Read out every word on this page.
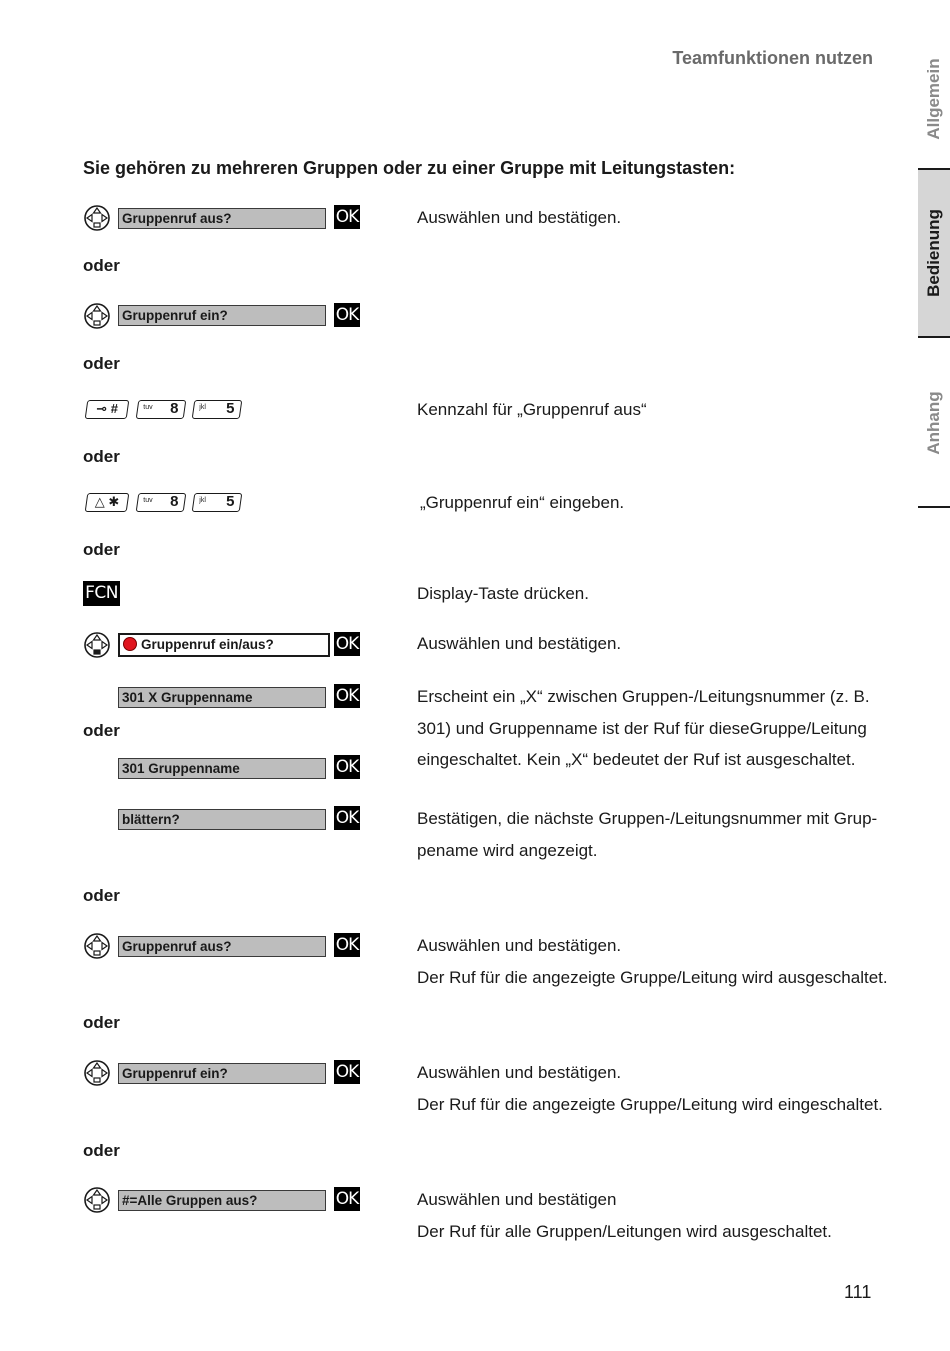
Teamfunktionen nutzen
Allgemein
Bedienung
Anhang
Sie gehören zu mehreren Gruppen oder zu einer Gruppe mit Leitungstasten:
Gruppenruf aus?	OK	Auswählen und bestätigen.
oder
Gruppenruf ein?	OK
oder
⊸ #	tuv 8	jkl 5	Kennzahl für „Gruppenruf aus“
oder
△ ✱	tuv 8	jkl 5	„Gruppenruf ein“ eingeben.
oder
FCN	Display-Taste drücken.
Gruppenruf ein/aus?	OK	Auswählen und bestätigen.
301 X Gruppenname	OK
oder
301 Gruppenname	OK
Erscheint ein „X“ zwischen Gruppen-/Leitungsnummer (z. B.
301) und Gruppenname ist der Ruf für dieseGruppe/Leitung
eingeschaltet. Kein „X“ bedeutet der Ruf ist ausgeschaltet.
blättern?	OK	Bestätigen, die nächste Gruppen-/Leitungsnummer mit Grup-
pename wird angezeigt.
oder
Gruppenruf aus?	OK	Auswählen und bestätigen.
Der Ruf für die angezeigte Gruppe/Leitung wird ausgeschaltet.
oder
Gruppenruf ein?	OK	Auswählen und bestätigen.
Der Ruf für die angezeigte Gruppe/Leitung wird eingeschaltet.
oder
#=Alle Gruppen aus?	OK	Auswählen und bestätigen
Der Ruf für alle Gruppen/Leitungen wird ausgeschaltet.
111
